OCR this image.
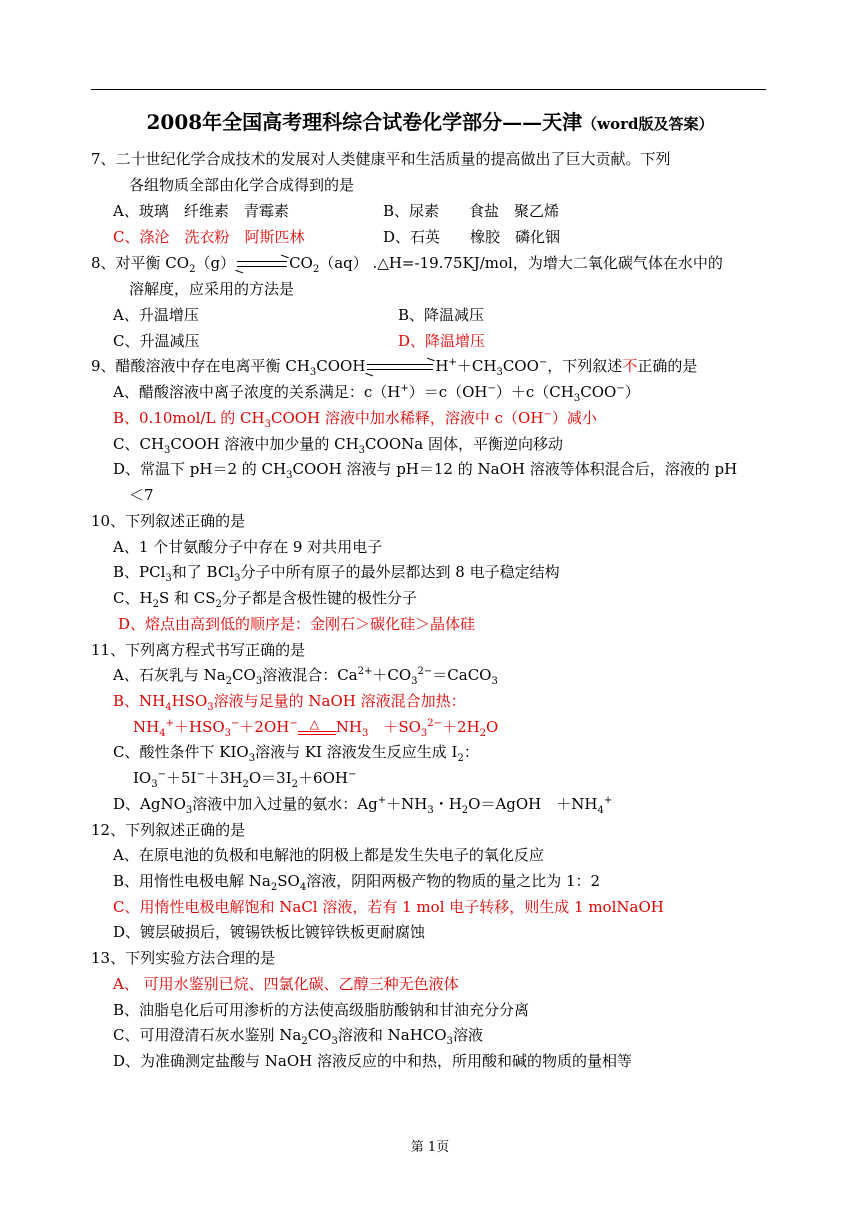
2008年全国高考理科综合试卷化学部分——天津（word版及答案）
7、二十世纪化学合成技术的发展对人类健康平和生活质量的提高做出了巨大贡献。下列
各组物质全部由化学合成得到的是
A、玻璃　纤维素　青霉素	B、尿素　　食盐　聚乙烯
C、涤沦　洗衣粉　阿斯匹林	D、石英　　橡胶　磷化铟
8、对平衡 $CO_2(g)\to CO_2(aq)$ .△H=-19.75KJ/mol，为增大二氧化碳气体在水中的
溶解度，应采用的方法是
A、升温增压	B、降温减压
C、升温减压	D、降温增压
9、醋酸溶液中存在电离平衡 $CH_3COOH$	$H^++CH_3COO^-$，下列叙述不正确的是
A、醋酸溶液中离子浓度的关系满足：$c(H^+)=c(OH^-)+c(CH_3COO^-)$
B、0.10mol/L 的 $CH_3COOH$ 溶液中加水稀释，溶液中 c（OH−）减小
C、$CH_3COOH$ 溶液中加少量的 $CH_3COONa$ 固体，平衡逆向移动
D、常温下 pH＝2 的 $CH_3COOH$ 溶液与 pH＝12 的 NaOH 溶液等体积混合后，溶液的 pH
＜7
10、下列叙述正确的是
A、1 个甘氨酸分子中存在 9 对共用电子
B、PCl$_3$和了 BCl$_3$分子中所有原子的最外层都达到 8 电子稳定结构
C、$H_2S$ 和 $CS_2$分子都是含极性键的极性分子
D、熔点由高到低的顺序是：金刚石＞碳化硅＞晶体硅
11、下列离方程式书写正确的是
A、石灰乳与 $Na_2CO_3$溶液混合：$Ca^{2+}+CO_3^{2-}=CaCO_3$
B、$NH_4HSO_3$溶液与足量的 NaOH 溶液混合加热：
$NH_4^++HSO_3^-+2OH^-$ △ $NH_3$  $+SO_3^{2-}+2H_2O$
C、酸性条件下 $KIO_3$溶液与 KI 溶液发生反应生成 $I_2$：
$IO_3^-+5I^-+3H_2O=3I_2+6OH^-$
D、AgNO$_3$溶液中加入过量的氨水：$Ag^++NH_3$・$H_2O=AgOH$　$+NH_4^+$
12、下列叙述正确的是
A、在原电池的负极和电解池的阴极上都是发生失电子的氧化反应
B、用惰性电极电解 $Na_2SO_4$溶液，阴阳两极产物的物质的量之比为 1：2
C、用惰性电极电解饱和 NaCl 溶液，若有 1 mol 电子转移，则生成 1 molNaOH
D、镀层破损后，镀锡铁板比镀锌铁板更耐腐蚀
13、下列实验方法合理的是
A、 可用水鉴别已烷、四氯化碳、乙醇三种无色液体
B、油脂皂化后可用渗析的方法使高级脂肪酸钠和甘油充分分离
C、可用澄清石灰水鉴别 $Na_2CO_3$溶液和 NaHCO$_3$溶液
D、为准确测定盐酸与 NaOH 溶液反应的中和热，所用酸和碱的物质的量相等
第 1页
